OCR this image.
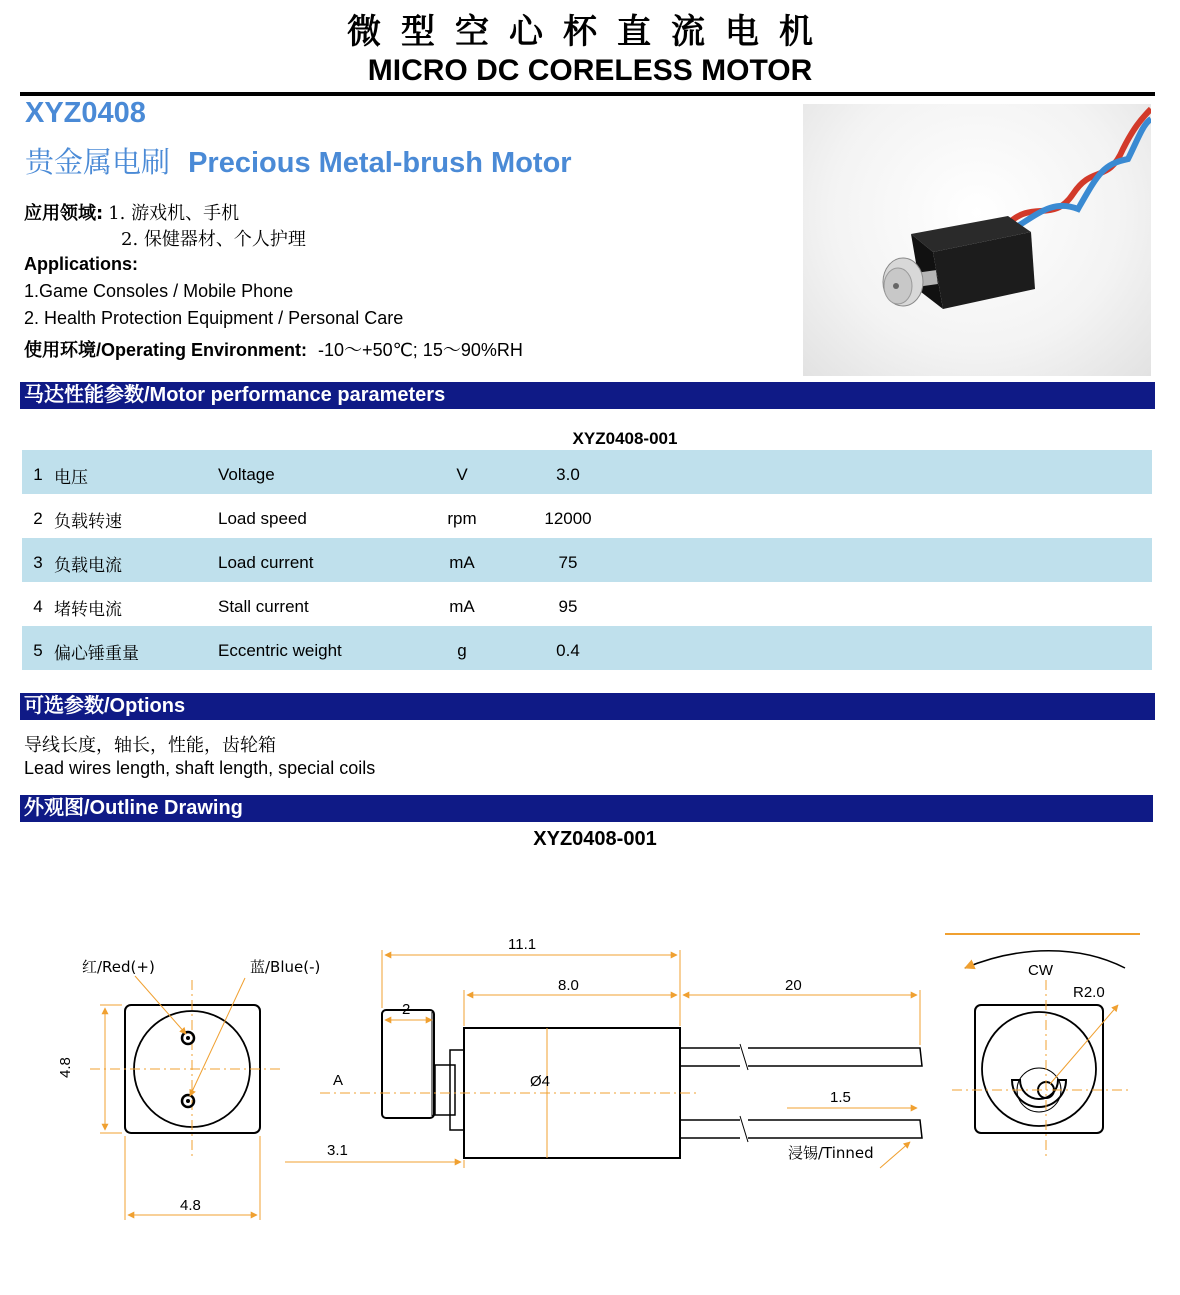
微型空心杯直流电机
MICRO DC CORELESS MOTOR
XYZ0408
贵金属电刷 Precious Metal-brush Motor
应用领域: 1. 游戏机、手机
2. 保健器材、个人护理
Applications:
1.Game Consoles / Mobile Phone
2. Health Protection Equipment / Personal Care
使用环境/Operating Environment: -10～+50℃; 15～90%RH
马达性能参数/Motor performance parameters
XYZ0408-001
1	电压	Voltage	V	3.0	
2	负载转速	Load speed	rpm	12000	
3	负载电流	Load current	mA	75	
4	堵转电流	Stall current	mA	95	
5	偏心锤重量	Eccentric weight	g	0.4	
可选参数/Options
导线长度，轴长，性能，齿轮箱
Lead wires length, shaft length, special coils
外观图/Outline Drawing
XYZ0408-001
红/Red(+)	蓝/Blue(-)
4.8
4.8
11.1
8.0	20
2
A	Ø4
1.5
3.1	浸锡/Tinned
CW
R2.0
